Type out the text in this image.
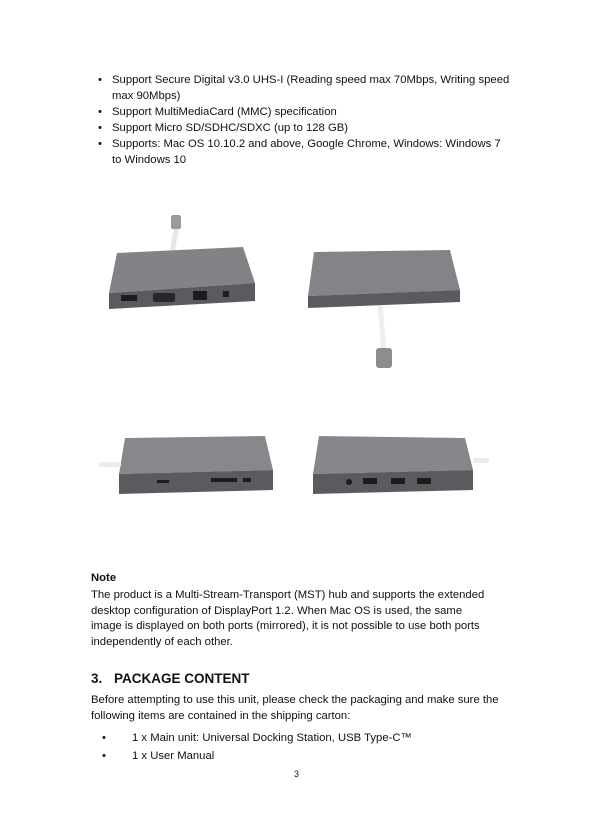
• Support Secure Digital v3.0 UHS-I (Reading speed max 70Mbps, Writing speed max 90Mbps)
• Support MultiMediaCard (MMC) specification
• Support Micro SD/SDHC/SDXC (up to 128 GB)
• Supports: Mac OS 10.10.2 and above, Google Chrome, Windows: Windows 7 to Windows 10
Note

The product is a Multi-Stream-Transport (MST) hub and supports the extended

desktop configuration of DisplayPort 1.2. When Mac OS is used, the same

image is displayed on both ports (mirrored), it is not possible to use both ports

independently of each other.

3. PACKAGE CONTENT

Before attempting to use this unit, please check the packaging and make sure the

following items are contained in the shipping carton:

• 1 x Main unit: Universal Docking Station, USB Type-C™
• 1 x User Manual
3
